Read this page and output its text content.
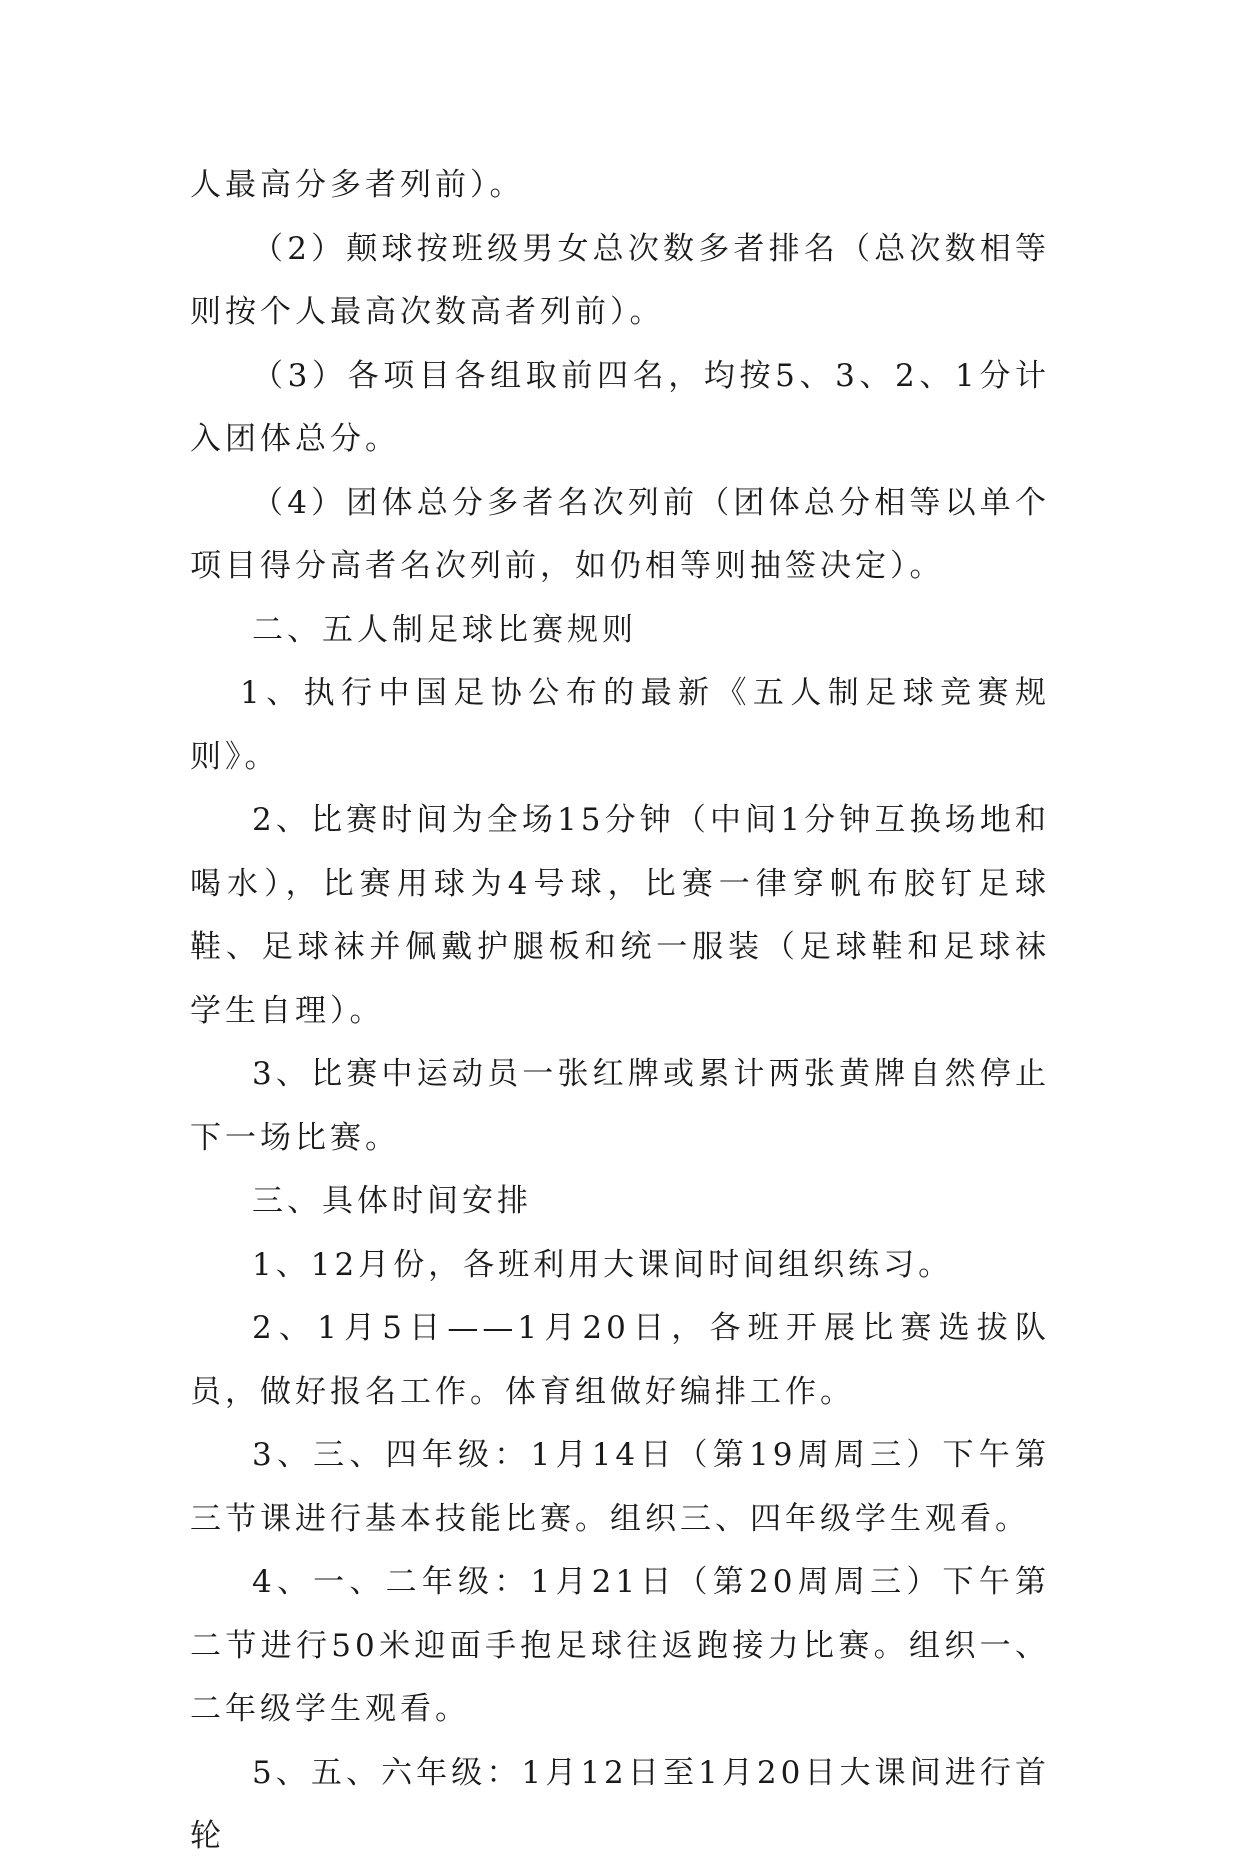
人最高分多者列前）。

（2）颠球按班级男女总次数多者排名（总次数相等则按个人最高次数高者列前）。

（3）各项目各组取前四名，均按5、3、2、1分计入团体总分。

（4）团体总分多者名次列前（团体总分相等以单个项目得分高者名次列前，如仍相等则抽签决定）。

二、五人制足球比赛规则

1、执行中国足协公布的最新《五人制足球竞赛规则》。

2、比赛时间为全场15分钟（中间1分钟互换场地和喝水），比赛用球为4号球，比赛一律穿帆布胶钉足球鞋、足球袜并佩戴护腿板和统一服装（足球鞋和足球袜学生自理）。

3、比赛中运动员一张红牌或累计两张黄牌自然停止下一场比赛。

三、具体时间安排

1、12月份，各班利用大课间时间组织练习。

2、1月5日——1月20日，各班开展比赛选拔队员，做好报名工作。体育组做好编排工作。

3、三、四年级：1月14日（第19周周三）下午第三节课进行基本技能比赛。组织三、四年级学生观看。

4、一、二年级：1月21日（第20周周三）下午第二节进行50米迎面手抱足球往返跑接力比赛。组织一、二年级学生观看。

5、五、六年级：1月12日至1月20日大课间进行首轮
